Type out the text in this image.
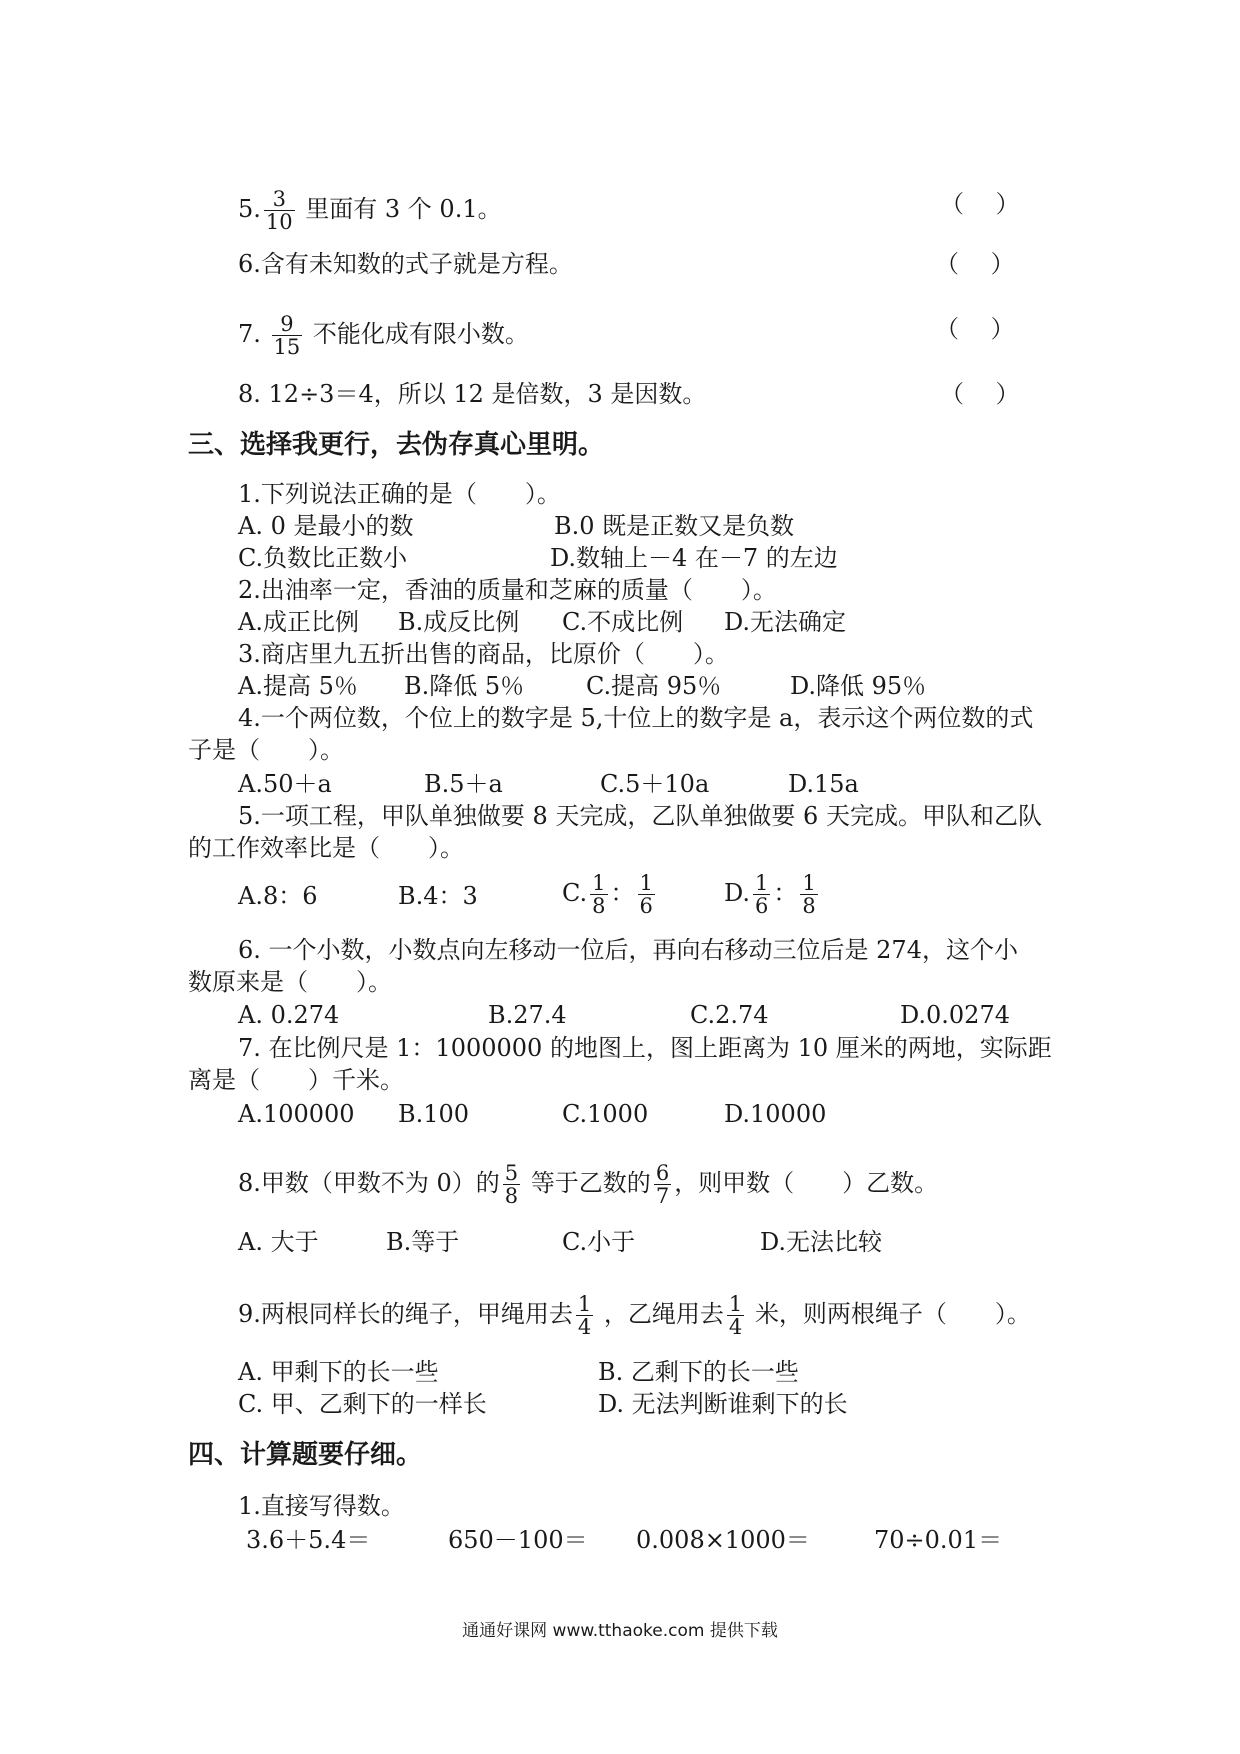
5. $\frac{3}{10}$ 里面有 3 个 0.1。	（　 ）
6.含有未知数的式子就是方程。	（　 ）
7. $\frac{9}{15}$ 不能化成有限小数。	（　 ）
8. 12÷3＝4，所以 12 是倍数，3 是因数。	（　 ）
三、选择我更行，去伪存真心里明。
1.下列说法正确的是（　　）。
A. 0 是最小的数	B.0 既是正数又是负数
C.负数比正数小	D.数轴上－4 在－7 的左边
2.出油率一定，香油的质量和芝麻的质量（　　）。
A.成正比例 B.成反比例 C.不成比例 D.无法确定
3.商店里九五折出售的商品，比原价（　　）。
A.提高 5％ B.降低 5％	C.提高 95％	D.降低 95％
4.一个两位数，个位上的数字是 5,十位上的数字是 a，表示这个两位数的式
子是（　　）。
A.50＋a	B.5＋a	C.5＋10a	D.15a
5.一项工程，甲队单独做要 8 天完成，乙队单独做要 6 天完成。甲队和乙队
的工作效率比是（　　）。
A.8：6	B.4：3	C. $\frac{1}{8}$ ： $\frac{1}{6}$	D. $\frac{1}{6}$ ： $\frac{1}{8}$
6. 一个小数，小数点向左移动一位后，再向右移动三位后是 274，这个小
数原来是（　　）。
A. 0.274	B.27.4	C.2.74	D.0.0274
7. 在比例尺是 1：1000000 的地图上，图上距离为 10 厘米的两地，实际距
离是（　　）千米。
A.100000 B.100	C.1000	D.10000
8.甲数（甲数不为 0）的 $\frac{5}{8}$ 等于乙数的 $\frac{6}{7}$ ，则甲数（　　）乙数。
A. 大于	B.等于	C.小于	D.无法比较
9.两根同样长的绳子，甲绳用去 $\frac{1}{4}$ ，乙绳用去 $\frac{1}{4}$ 米，则两根绳子（　　）。
A. 甲剩下的长一些	B. 乙剩下的长一些
C. 甲、乙剩下的一样长	D. 无法判断谁剩下的长
四、计算题要仔细。
1.直接写得数。
3.6＋5.4＝	650－100＝ 0.008×1000＝	70÷0.01＝
通通好课网 www.tthaoke.com 提供下载
